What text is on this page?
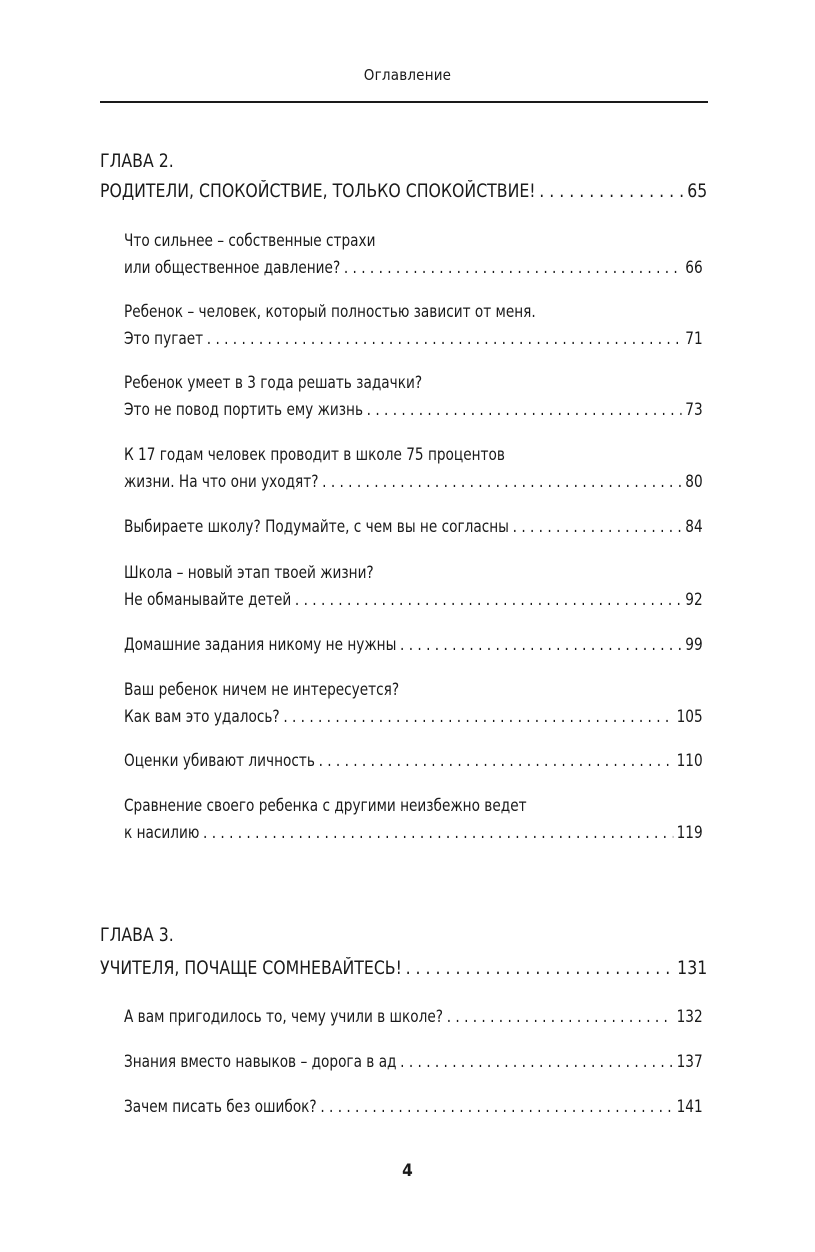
Оглавление
ГЛАВА 2.
РОДИТЕЛИ, СПОКОЙСТВИЕ, ТОЛЬКО СПОКОЙСТВИЕ! . . .	65
Что сильнее – собственные страхи
или общественное давление? . . .	66
Ребенок – человек, который полностью зависит от меня.
Это пугает . . .	71
Ребенок умеет в 3 года решать задачки?
Это не повод портить ему жизнь . . .	73
К 17 годам человек проводит в школе 75 процентов
жизни. На что они уходят? . . .	80
Выбираете школу? Подумайте, с чем вы не согласны . . .	84
Школа – новый этап твоей жизни?
Не обманывайте детей . . .	92
Домашние задания никому не нужны . . .	99
Ваш ребенок ничем не интересуется?
Как вам это удалось? . . .	105
Оценки убивают личность . . .	110
Сравнение своего ребенка с другими неизбежно ведет
к насилию . . .	119
ГЛАВА 3.
УЧИТЕЛЯ, ПОЧАЩЕ СОМНЕВАЙТЕСЬ! . . .	131
А вам пригодилось то, чему учили в школе? . . .	132
Знания вместо навыков – дорога в ад . . .	137
Зачем писать без ошибок? . . .	141
4
